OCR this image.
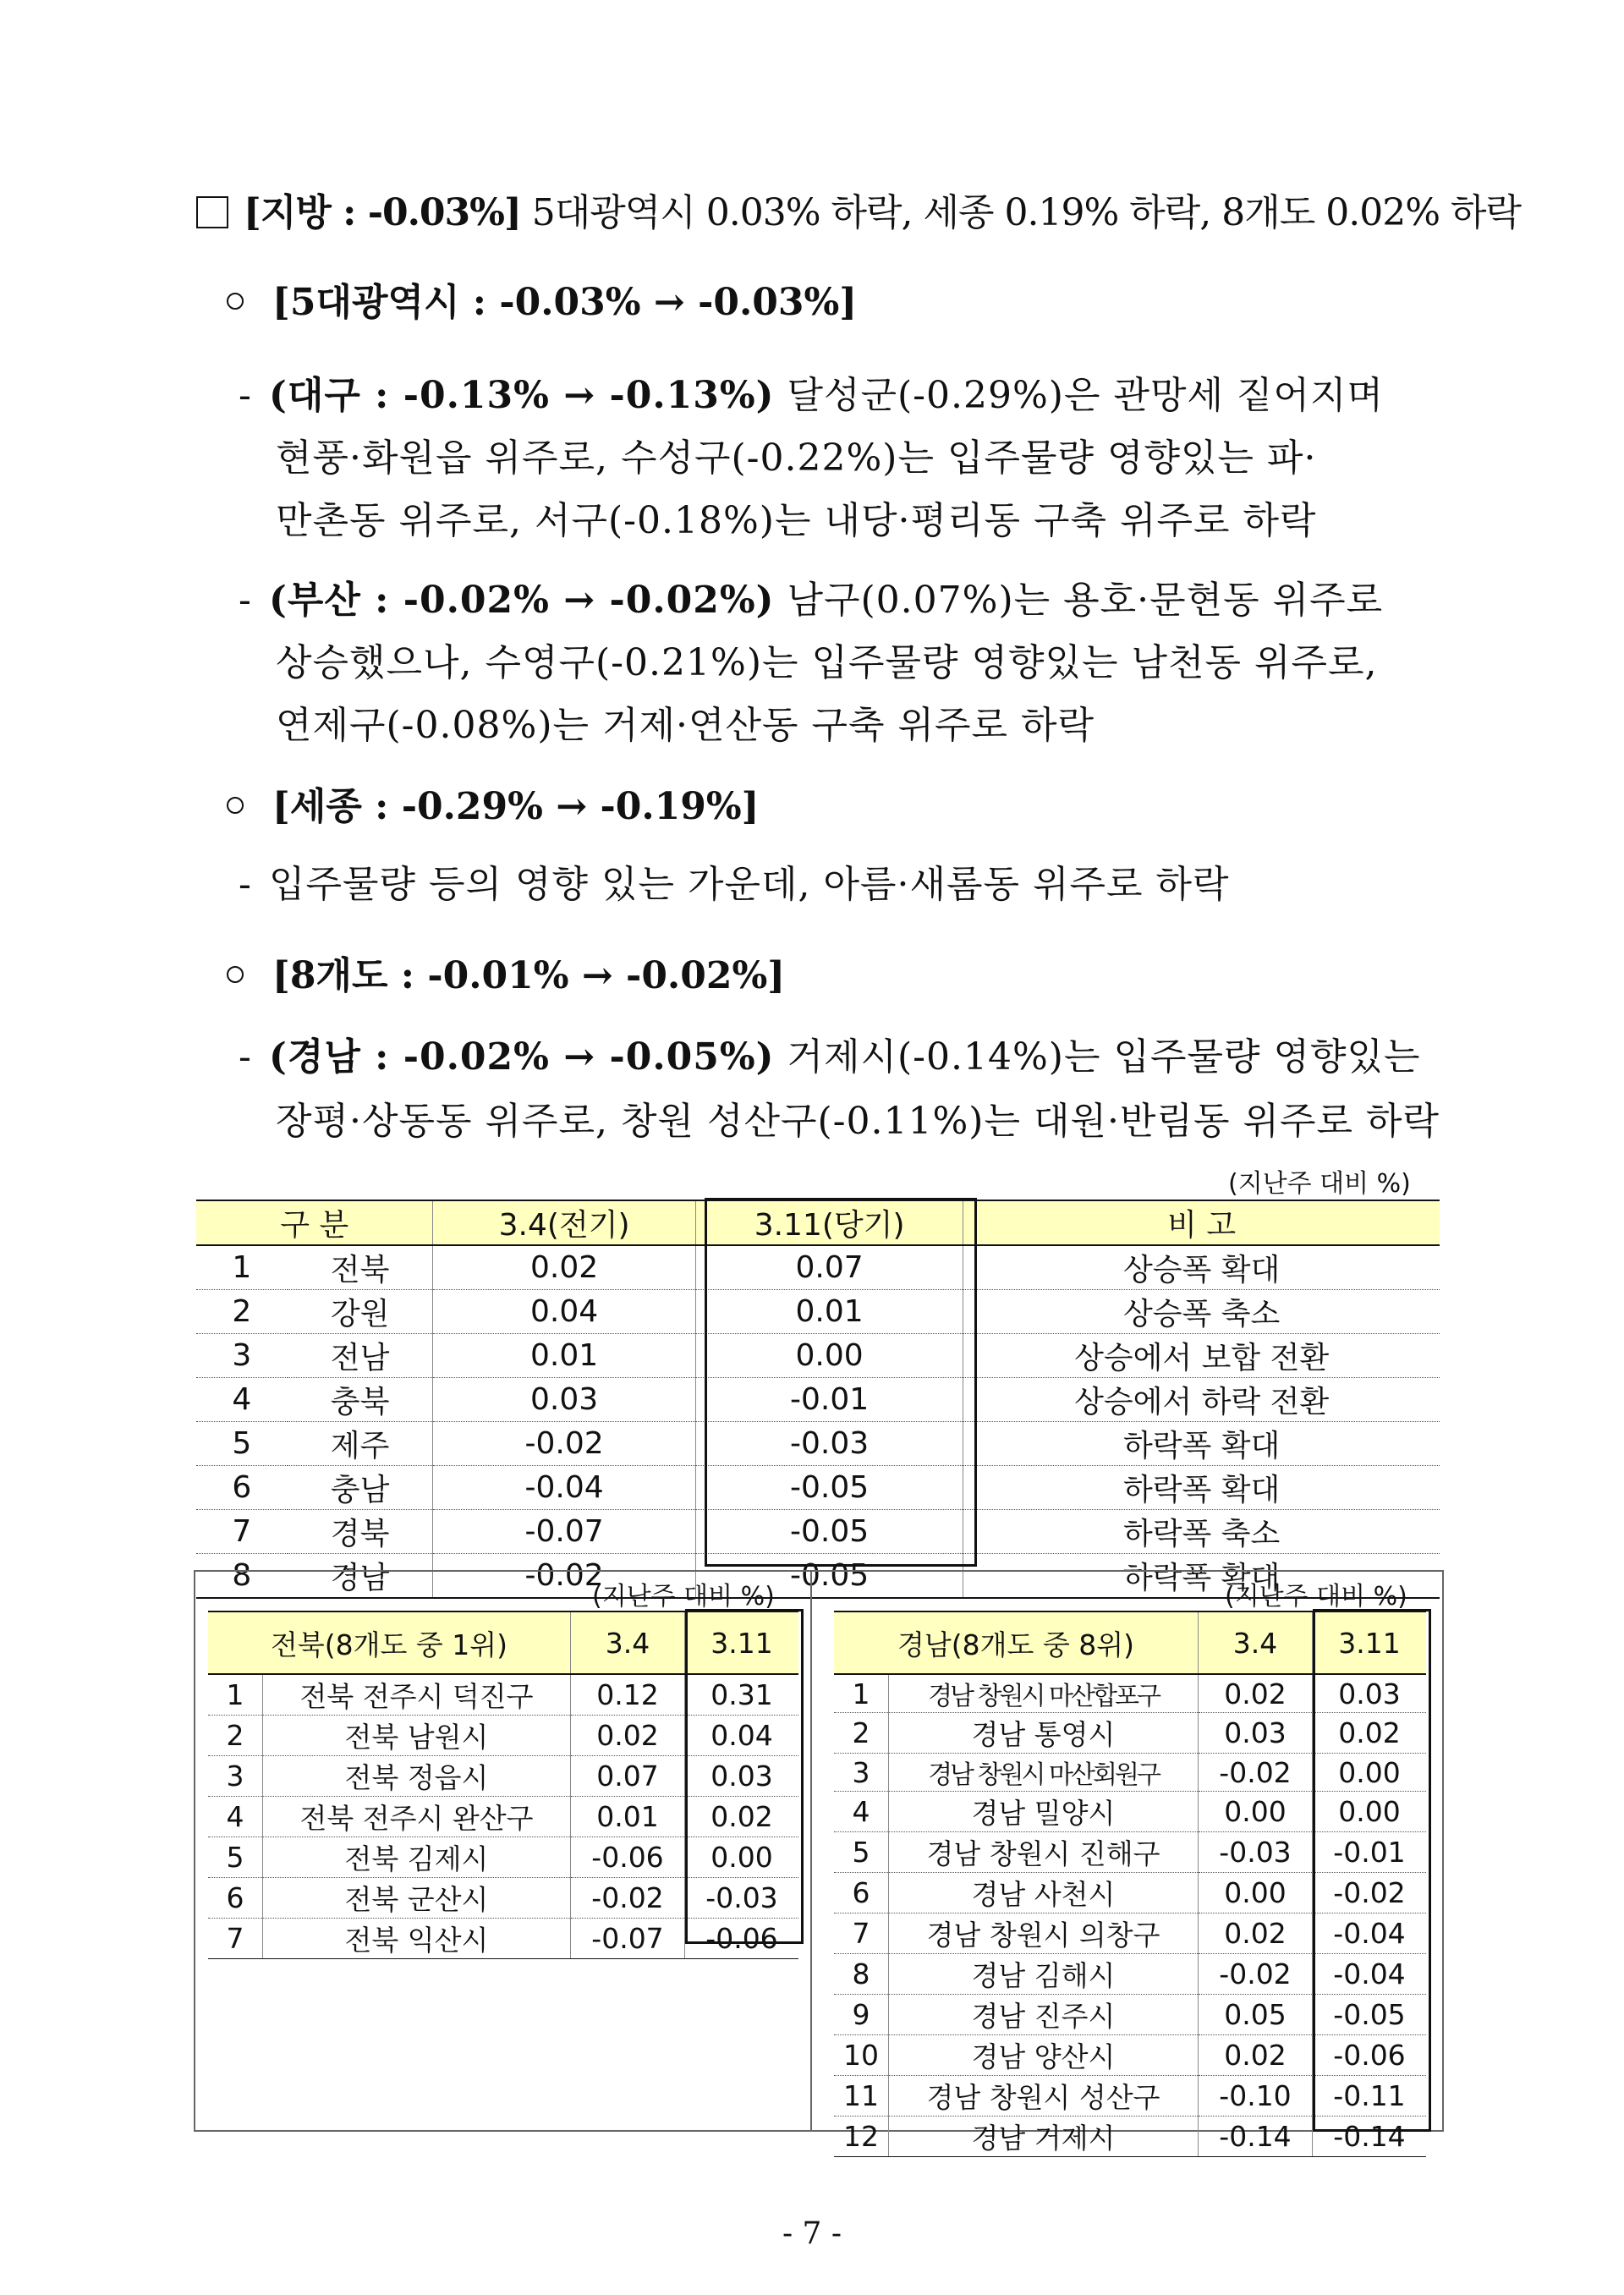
[지방 : -0.03%] 5대광역시 0.03% 하락, 세종 0.19% 하락, 8개도 0.02% 하락
[5대광역시 : -0.03% → -0.03%]
- (대구 : -0.13% → -0.13%) 달성군(-0.29%)은 관망세 짙어지며
현풍·화원읍 위주로, 수성구(-0.22%)는 입주물량 영향있는 파·
만촌동 위주로, 서구(-0.18%)는 내당·평리동 구축 위주로 하락
- (부산 : -0.02% → -0.02%) 남구(0.07%)는 용호·문현동 위주로
상승했으나, 수영구(-0.21%)는 입주물량 영향있는 남천동 위주로,
연제구(-0.08%)는 거제·연산동 구축 위주로 하락
[세종 : -0.29% → -0.19%]
- 입주물량 등의 영향 있는 가운데, 아름·새롬동 위주로 하락
[8개도 : -0.01% → -0.02%]
- (경남 : -0.02% → -0.05%) 거제시(-0.14%)는 입주물량 영향있는
장평·상동동 위주로, 창원 성산구(-0.11%)는 대원·반림동 위주로 하락
(지난주 대비 %)
구 분		3.4(전기)	3.11(당기)	비 고
1	전북	0.02	0.07	상승폭 확대
2	강원	0.04	0.01	상승폭 축소
3	전남	0.01	0.00	상승에서 보합 전환
4	충북	0.03	-0.01	상승에서 하락 전환
5	제주	-0.02	-0.03	하락폭 확대
6	충남	-0.04	-0.05	하락폭 확대
7	경북	-0.07	-0.05	하락폭 축소
8	경남	-0.02	-0.05	하락폭 확대
(지난주 대비 %)
전북(8개도 중 1위)		3.4	3.11
1	전북 전주시 덕진구	0.12	0.31
2	전북 남원시	0.02	0.04
3	전북 정읍시	0.07	0.03
4	전북 전주시 완산구	0.01	0.02
5	전북 김제시	-0.06	0.00
6	전북 군산시	-0.02	-0.03
7	전북 익산시	-0.07	-0.06
(지난주 대비 %)
경남(8개도 중 8위)		3.4	3.11
1	경남 창원시 마산합포구	0.02	0.03
2	경남 통영시	0.03	0.02
3	경남 창원시 마산회원구	-0.02	0.00
4	경남 밀양시	0.00	0.00
5	경남 창원시 진해구	-0.03	-0.01
6	경남 사천시	0.00	-0.02
7	경남 창원시 의창구	0.02	-0.04
8	경남 김해시	-0.02	-0.04
9	경남 진주시	0.05	-0.05
10	경남 양산시	0.02	-0.06
11	경남 창원시 성산구	-0.10	-0.11
12	경남 거제시	-0.14	-0.14
- 7 -
